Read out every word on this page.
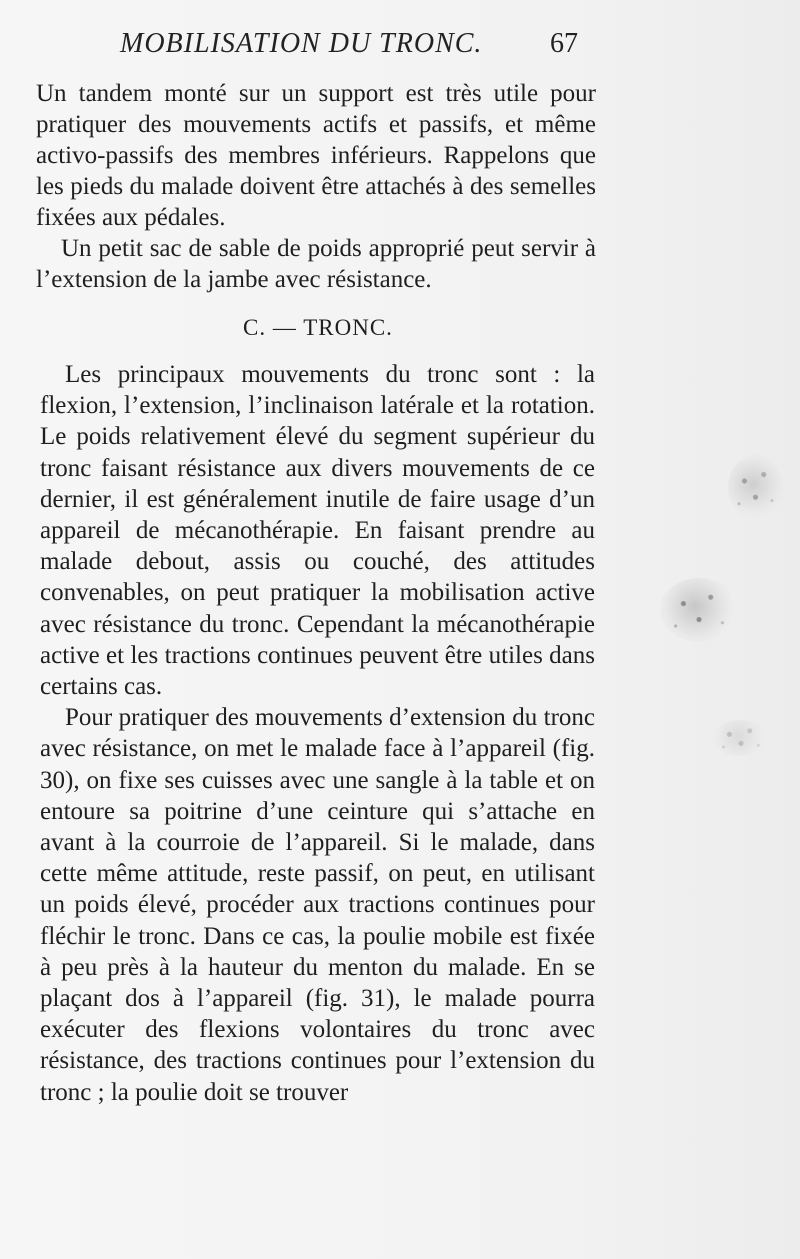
MOBILISATION DU TRONC. 67

Un tandem monté sur un support est très utile pour pratiquer des mouvements actifs et passifs, et même activo-passifs des membres inférieurs. Rappelons que les pieds du malade doivent être attachés à des semelles fixées aux pédales.

Un petit sac de sable de poids approprié peut servir à l’extension de la jambe avec résistance.

C. — TRONC.

Les principaux mouvements du tronc sont : la flexion, l’extension, l’inclinaison latérale et la rotation. Le poids relativement élevé du segment supérieur du tronc faisant résistance aux divers mouvements de ce dernier, il est généralement inutile de faire usage d’un appareil de mécanothérapie. En faisant prendre au malade debout, assis ou couché, des attitudes convenables, on peut pratiquer la mobilisation active avec résistance du tronc. Cependant la mécanothérapie active et les tractions continues peuvent être utiles dans certains cas.

Pour pratiquer des mouvements d’extension du tronc avec résistance, on met le malade face à l’appareil (fig. 30), on fixe ses cuisses avec une sangle à la table et on entoure sa poitrine d’une ceinture qui s’attache en avant à la courroie de l’appareil. Si le malade, dans cette même attitude, reste passif, on peut, en utilisant un poids élevé, procéder aux tractions continues pour fléchir le tronc. Dans ce cas, la poulie mobile est fixée à peu près à la hauteur du menton du malade. En se plaçant dos à l’appareil (fig. 31), le malade pourra exécuter des flexions volontaires du tronc avec résistance, des tractions continues pour l’extension du tronc ; la poulie doit se trouver
